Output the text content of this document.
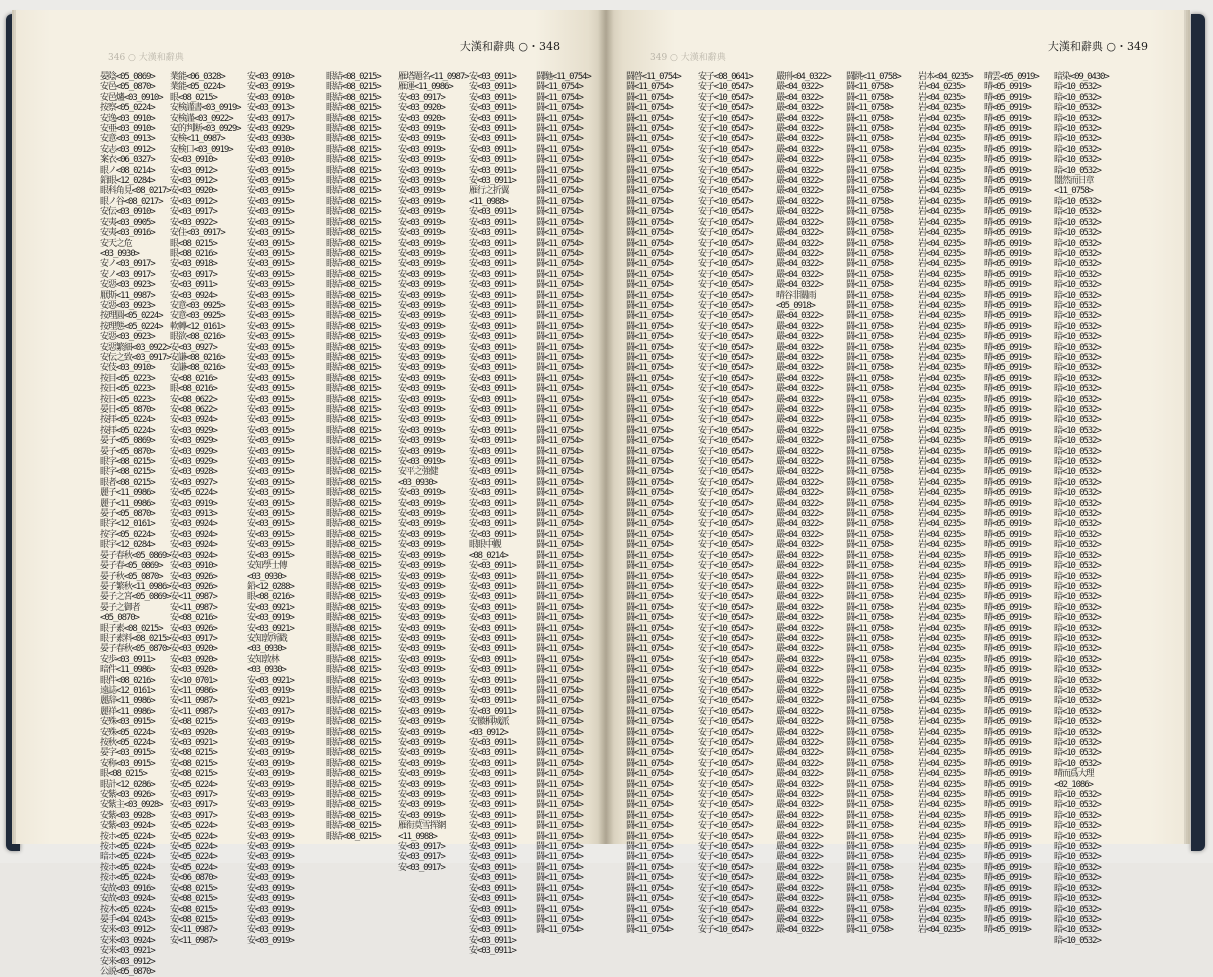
346 ○ 大漢和辭典
大漢和辭典 ○・348
晏陰<05_0869>
安邑<05_0870>
安邑爐<03_0910>
按察<05_0224>
安逸<03_0910>
安亜<03_0910>
安意<03_0913>
安志<03_0912>
案衣<06_0327>
眼ノ<08_0214>
鉛眼<12_0284>
眼科角見<08_0217>
眼ノ谷<08_0217>
安伝<03_0910>
安夷<03_0905>
安夷<03_0916>
安天之危
<03_0930>
安ノ<03_0917>
安ノ<03_0917>
安惡<03_0923>
厭斯<11_0987>
安惡<03_0923>
按理圓<05_0224>
按理態<05_0224>
安惡<03_0923>
安惡繁細<03_0922>
安伝之致<03_0917>
安伎<03_0910>
按目<05_0223>
按日<05_0223>
按日<05_0223>
晏日<05_0870>
按拝<05_0224>
按拝<05_0224>
晏子<05_0869>
晏子<05_0870>
眼字<08_0215>
眼字<08_0215>
眼者<08_0215>
麗子<11_0986>
麗子<11_0986>
晏子<05_0870>
眼字<12_0161>
按字<05_0224>
眼宇<12_0284>
晏子春秋<05_0869>
晏子春<05_0869>
晏子秋<05_0870>
晏子繁秋<11_0986>
晏子之宮<05_0869>
晏子之御者
<05_0870>
眼子素<08_0215>
眼子素料<08_0215>
晏子春秋<05_0870>
安歩<03_0911>
暗件<11_0986>
眼件<08_0216>
遠誌<12_0161>
麗辞<11_0986>
麗祥<11_0986>
安殊<03_0915>
安殊<05_0224>
按秋<05_0224>
晏字<03_0915>
安称<03_0915>
眼<08_0215>
眼計<12_0286>
安紫<03_0926>
安紫主<03_0928>
安紫<03_0928>
安紫<03_0924>
按ホ<05_0224>
按ホ<05_0224>
暗ホ<05_0224>
按ホ<05_0224>
按ホ<05_0224>
安故<03_0916>
安故<03_0924>
按木<05_0224>
晏手<04_0243>
安来<03_0912>
安来<03_0924>
安来<03_0921>
安来<03_0912>
公説<05_0870>
業能<06_0328>
業能<05_0224>
眼<08_0215>
安検謹書<03_0919>
安検謹<03_0922>
安的判断<03_0929>
安検<11_0987>
安検口<03_0919>
安<03_0910>
安<03_0912>
安<03_0912>
安<03_0920>
安<03_0912>
安<03_0917>
安<03_0922>
安住<03_0917>
眼<08_0215>
眼<08_0216>
安<03_0918>
安<03_0917>
安<03_0911>
安<03_0924>
安意<03_0925>
安意<03_0925>
軟轉<12_0161>
眼欲<08_0216>
安<03_0927>
安謙<08_0216>
安謙<08_0216>
安<08_0216>
眼<08_0216>
安<08_0622>
安<08_0622>
安<03_0924>
安<03_0929>
安<03_0929>
安<03_0929>
安<03_0929>
安<03_0928>
安<03_0927>
安<05_0224>
安<03_0919>
安<03_0913>
安<03_0924>
安<03_0924>
安<03_0924>
安<03_0924>
安<03_0910>
安<03_0926>
安<03_0926>
安<11_0987>
安<11_0987>
安<08_0216>
安<03_0926>
安<03_0917>
安<03_0920>
安<03_0920>
安<03_0920>
安<10_0701>
安<11_0986>
安<11_0987>
安<11_0987>
安<08_0215>
安<03_0920>
安<03_0921>
安<08_0215>
安<08_0215>
安<08_0215>
安<05_0224>
安<03_0917>
安<03_0917>
安<03_0917>
安<05_0224>
安<05_0224>
安<05_0224>
安<05_0224>
安<05_0224>
安<06_0870>
安<08_0215>
安<08_0215>
安<08_0215>
安<08_0215>
安<11_0987>
安<11_0987>
安<03_0910>
安<03_0919>
安<03_0910>
安<03_0913>
安<03_0917>
安<03_0929>
安<03_0930>
安<03_0910>
安<03_0910>
安<03_0915>
安<03_0915>
安<03_0915>
安<03_0915>
安<03_0915>
安<03_0915>
安<03_0915>
安<03_0915>
安<03_0915>
安<03_0915>
安<03_0915>
安<03_0915>
安<03_0915>
安<03_0915>
安<03_0915>
安<03_0915>
安<03_0915>
安<03_0915>
安<03_0915>
安<03_0915>
安<03_0915>
安<03_0915>
安<03_0915>
安<03_0915>
安<03_0915>
安<03_0915>
安<03_0915>
安<03_0915>
安<03_0915>
安<03_0915>
安<03_0915>
安<03_0915>
安<03_0915>
安<03_0915>
安<03_0915>
安<03_0915>
安<03_0915>
安<03_0915>
安知學士傳
<03_0930>
鉛<12_0288>
眼<08_0216>
安<03_0921>
安<03_0919>
安<03_0921>
安知敦所戳
<03_0930>
安知敦林
<03_0930>
安<03_0921>
安<03_0919>
安<03_0921>
安<03_0917>
安<03_0919>
安<03_0919>
安<03_0919>
安<03_0919>
安<03_0919>
安<03_0919>
安<03_0919>
安<03_0919>
安<03_0919>
安<03_0919>
安<03_0919>
安<03_0919>
安<03_0919>
安<03_0919>
安<03_0919>
安<03_0919>
安<03_0919>
安<03_0919>
安<03_0919>
安<03_0919>
安<03_0919>
安<03_0919>
眼結<08_0215>
眼結<08_0215>
眼結<08_0215>
眼結<08_0215>
眼結<08_0215>
眼結<08_0215>
眼結<08_0215>
眼結<08_0215>
眼結<08_0215>
眼結<08_0215>
眼結<08_0215>
眼結<08_0215>
眼結<08_0215>
眼結<08_0215>
眼結<08_0215>
眼結<08_0215>
眼結<08_0215>
眼結<08_0215>
眼結<08_0215>
眼結<08_0215>
眼結<08_0215>
眼結<08_0215>
眼結<08_0215>
眼結<08_0215>
眼結<08_0215>
眼結<08_0215>
眼結<08_0215>
眼結<08_0215>
眼結<08_0215>
眼結<08_0215>
眼結<08_0215>
眼結<08_0215>
眼結<08_0215>
眼結<08_0215>
眼結<08_0215>
眼結<08_0215>
眼結<08_0215>
眼結<08_0215>
眼結<08_0215>
眼結<08_0215>
眼結<08_0215>
眼結<08_0215>
眼結<08_0215>
眼結<08_0215>
眼結<08_0215>
眼結<08_0215>
眼結<08_0215>
眼結<08_0215>
眼結<08_0215>
眼結<08_0215>
眼結<08_0215>
眼結<08_0215>
眼結<08_0215>
眼結<08_0215>
眼結<08_0215>
眼結<08_0215>
眼結<08_0215>
眼結<08_0215>
眼結<08_0215>
眼結<08_0215>
眼結<08_0215>
眼結<08_0215>
眼結<08_0215>
眼結<08_0215>
眼結<08_0215>
眼結<08_0215>
眼結<08_0215>
眼結<08_0215>
眼結<08_0215>
眼結<08_0215>
眼結<08_0215>
眼結<08_0215>
眼結<08_0215>
眼結<08_0215>
雁塔題名<11_0987>
雁運<11_0986>
安<03_0917>
安<03_0920>
安<03_0920>
安<03_0919>
安<03_0919>
安<03_0919>
安<03_0919>
安<03_0919>
安<03_0919>
安<03_0919>
安<03_0919>
安<03_0919>
安<03_0919>
安<03_0919>
安<03_0919>
安<03_0919>
安<03_0919>
安<03_0919>
安<03_0919>
安<03_0919>
安<03_0919>
安<03_0919>
安<03_0919>
安<03_0919>
安<03_0919>
安<03_0919>
安<03_0919>
安<03_0919>
安<03_0919>
安<03_0919>
安<03_0919>
安<03_0919>
安<03_0919>
安<03_0919>
安<03_0919>
安<03_0919>
安平之強健
<03_0930>
安<03_0919>
安<03_0919>
安<03_0919>
安<03_0919>
安<03_0919>
安<03_0919>
安<03_0919>
安<03_0919>
安<03_0919>
安<03_0919>
安<03_0919>
安<03_0919>
安<03_0919>
安<03_0919>
安<03_0919>
安<03_0919>
安<03_0919>
安<03_0919>
安<03_0919>
安<03_0919>
安<03_0919>
安<03_0919>
安<03_0919>
安<03_0919>
安<03_0919>
安<03_0919>
安<03_0919>
安<03_0919>
安<03_0919>
安<03_0919>
安<03_0919>
安<03_0919>
雁衔莫雪挥網
<11_0988>
安<03_0917>
安<03_0917>
安<03_0917>
安<03_0911>
安<03_0911>
安<03_0911>
安<03_0911>
安<03_0911>
安<03_0911>
安<03_0911>
安<03_0911>
安<03_0911>
安<03_0911>
安<03_0911>
雁行之折翼
<11_0988>
安<03_0911>
安<03_0911>
安<03_0911>
安<03_0911>
安<03_0911>
安<03_0911>
安<03_0911>
安<03_0911>
安<03_0911>
安<03_0911>
安<03_0911>
安<03_0911>
安<03_0911>
安<03_0911>
安<03_0911>
安<03_0911>
安<03_0911>
安<03_0911>
安<03_0911>
安<03_0911>
安<03_0911>
安<03_0911>
安<03_0911>
安<03_0911>
安<03_0911>
安<03_0911>
安<03_0911>
安<03_0911>
安<03_0911>
安<03_0911>
安<03_0911>
安<03_0911>
眼眼中觀
<08_0214>
安<03_0911>
安<03_0911>
安<03_0911>
安<03_0911>
安<03_0911>
安<03_0911>
安<03_0911>
安<03_0911>
安<03_0911>
安<03_0911>
安<03_0911>
安<03_0911>
安<03_0911>
安<03_0911>
安<03_0911>
安徽桐城派
<03_0912>
安<03_0911>
安<03_0911>
安<03_0911>
安<03_0911>
安<03_0911>
安<03_0911>
安<03_0911>
安<03_0911>
安<03_0911>
安<03_0911>
安<03_0911>
安<03_0911>
安<03_0911>
安<03_0911>
安<03_0911>
安<03_0911>
安<03_0911>
安<03_0911>
安<03_0911>
安<03_0911>
安<03_0911>
闘馳<11_0754>
闘<11_0754>
闘<11_0754>
闘<11_0754>
闘<11_0754>
闘<11_0754>
闘<11_0754>
闘<11_0754>
闘<11_0754>
闘<11_0754>
闘<11_0754>
闘<11_0754>
闘<11_0754>
闘<11_0754>
闘<11_0754>
闘<11_0754>
闘<11_0754>
闘<11_0754>
闘<11_0754>
闘<11_0754>
闘<11_0754>
闘<11_0754>
闘<11_0754>
闘<11_0754>
闘<11_0754>
闘<11_0754>
闘<11_0754>
闘<11_0754>
闘<11_0754>
闘<11_0754>
闘<11_0754>
闘<11_0754>
闘<11_0754>
闘<11_0754>
闘<11_0754>
闘<11_0754>
闘<11_0754>
闘<11_0754>
闘<11_0754>
闘<11_0754>
闘<11_0754>
闘<11_0754>
闘<11_0754>
闘<11_0754>
闘<11_0754>
闘<11_0754>
闘<11_0754>
闘<11_0754>
闘<11_0754>
闘<11_0754>
闘<11_0754>
闘<11_0754>
闘<11_0754>
闘<11_0754>
闘<11_0754>
闘<11_0754>
闘<11_0754>
闘<11_0754>
闘<11_0754>
闘<11_0754>
闘<11_0754>
闘<11_0754>
闘<11_0754>
闘<11_0754>
闘<11_0754>
闘<11_0754>
闘<11_0754>
闘<11_0754>
闘<11_0754>
闘<11_0754>
闘<11_0754>
闘<11_0754>
闘<11_0754>
闘<11_0754>
闘<11_0754>
闘<11_0754>
闘<11_0754>
闘<11_0754>
闘<11_0754>
闘<11_0754>
闘<11_0754>
闘<11_0754>
闘<11_0754>
349 ○ 大漢和辭典
大漢和辭典 ○・349
闘啓<11_0754>
闘<11_0754>
闘<11_0754>
闘<11_0754>
闘<11_0754>
闘<11_0754>
闘<11_0754>
闘<11_0754>
闘<11_0754>
闘<11_0754>
闘<11_0754>
闘<11_0754>
闘<11_0754>
闘<11_0754>
闘<11_0754>
闘<11_0754>
闘<11_0754>
闘<11_0754>
闘<11_0754>
闘<11_0754>
闘<11_0754>
闘<11_0754>
闘<11_0754>
闘<11_0754>
闘<11_0754>
闘<11_0754>
闘<11_0754>
闘<11_0754>
闘<11_0754>
闘<11_0754>
闘<11_0754>
闘<11_0754>
闘<11_0754>
闘<11_0754>
闘<11_0754>
闘<11_0754>
闘<11_0754>
闘<11_0754>
闘<11_0754>
闘<11_0754>
闘<11_0754>
闘<11_0754>
闘<11_0754>
闘<11_0754>
闘<11_0754>
闘<11_0754>
闘<11_0754>
闘<11_0754>
闘<11_0754>
闘<11_0754>
闘<11_0754>
闘<11_0754>
闘<11_0754>
闘<11_0754>
闘<11_0754>
闘<11_0754>
闘<11_0754>
闘<11_0754>
闘<11_0754>
闘<11_0754>
闘<11_0754>
闘<11_0754>
闘<11_0754>
闘<11_0754>
闘<11_0754>
闘<11_0754>
闘<11_0754>
闘<11_0754>
闘<11_0754>
闘<11_0754>
闘<11_0754>
闘<11_0754>
闘<11_0754>
闘<11_0754>
闘<11_0754>
闘<11_0754>
闘<11_0754>
闘<11_0754>
闘<11_0754>
闘<11_0754>
闘<11_0754>
闘<11_0754>
闘<11_0754>
安子<08_0641>
安子<10_0547>
安子<10_0547>
安子<10_0547>
安子<10_0547>
安子<10_0547>
安子<10_0547>
安子<10_0547>
安子<10_0547>
安子<10_0547>
安子<10_0547>
安子<10_0547>
安子<10_0547>
安子<10_0547>
安子<10_0547>
安子<10_0547>
安子<10_0547>
安子<10_0547>
安子<10_0547>
安子<10_0547>
安子<10_0547>
安子<10_0547>
安子<10_0547>
安子<10_0547>
安子<10_0547>
安子<10_0547>
安子<10_0547>
安子<10_0547>
安子<10_0547>
安子<10_0547>
安子<10_0547>
安子<10_0547>
安子<10_0547>
安子<10_0547>
安子<10_0547>
安子<10_0547>
安子<10_0547>
安子<10_0547>
安子<10_0547>
安子<10_0547>
安子<10_0547>
安子<10_0547>
安子<10_0547>
安子<10_0547>
安子<10_0547>
安子<10_0547>
安子<10_0547>
安子<10_0547>
安子<10_0547>
安子<10_0547>
安子<10_0547>
安子<10_0547>
安子<10_0547>
安子<10_0547>
安子<10_0547>
安子<10_0547>
安子<10_0547>
安子<10_0547>
安子<10_0547>
安子<10_0547>
安子<10_0547>
安子<10_0547>
安子<10_0547>
安子<10_0547>
安子<10_0547>
安子<10_0547>
安子<10_0547>
安子<10_0547>
安子<10_0547>
安子<10_0547>
安子<10_0547>
安子<10_0547>
安子<10_0547>
安子<10_0547>
安子<10_0547>
安子<10_0547>
安子<10_0547>
安子<10_0547>
安子<10_0547>
安子<10_0547>
安子<10_0547>
安子<10_0547>
安子<10_0547>
嚴刑<04_0322>
嚴<04_0322>
嚴<04_0322>
嚴<04_0322>
嚴<04_0322>
嚴<04_0322>
嚴<04_0322>
嚴<04_0322>
嚴<04_0322>
嚴<04_0322>
嚴<04_0322>
嚴<04_0322>
嚴<04_0322>
嚴<04_0322>
嚴<04_0322>
嚴<04_0322>
嚴<04_0322>
嚴<04_0322>
嚴<04_0322>
嚴<04_0322>
嚴<04_0322>
晴谷非關雨
<05_0918>
嚴<04_0322>
嚴<04_0322>
嚴<04_0322>
嚴<04_0322>
嚴<04_0322>
嚴<04_0322>
嚴<04_0322>
嚴<04_0322>
嚴<04_0322>
嚴<04_0322>
嚴<04_0322>
嚴<04_0322>
嚴<04_0322>
嚴<04_0322>
嚴<04_0322>
嚴<04_0322>
嚴<04_0322>
嚴<04_0322>
嚴<04_0322>
嚴<04_0322>
嚴<04_0322>
嚴<04_0322>
嚴<04_0322>
嚴<04_0322>
嚴<04_0322>
嚴<04_0322>
嚴<04_0322>
嚴<04_0322>
嚴<04_0322>
嚴<04_0322>
嚴<04_0322>
嚴<04_0322>
嚴<04_0322>
嚴<04_0322>
嚴<04_0322>
嚴<04_0322>
嚴<04_0322>
嚴<04_0322>
嚴<04_0322>
嚴<04_0322>
嚴<04_0322>
嚴<04_0322>
嚴<04_0322>
嚴<04_0322>
嚴<04_0322>
嚴<04_0322>
嚴<04_0322>
嚴<04_0322>
嚴<04_0322>
嚴<04_0322>
嚴<04_0322>
嚴<04_0322>
嚴<04_0322>
嚴<04_0322>
嚴<04_0322>
嚴<04_0322>
嚴<04_0322>
嚴<04_0322>
嚴<04_0322>
嚴<04_0322>
闘跳<11_0758>
闘<11_0758>
闘<11_0758>
闘<11_0758>
闘<11_0758>
闘<11_0758>
闘<11_0758>
闘<11_0758>
闘<11_0758>
闘<11_0758>
闘<11_0758>
闘<11_0758>
闘<11_0758>
闘<11_0758>
闘<11_0758>
闘<11_0758>
闘<11_0758>
闘<11_0758>
闘<11_0758>
闘<11_0758>
闘<11_0758>
闘<11_0758>
闘<11_0758>
闘<11_0758>
闘<11_0758>
闘<11_0758>
闘<11_0758>
闘<11_0758>
闘<11_0758>
闘<11_0758>
闘<11_0758>
闘<11_0758>
闘<11_0758>
闘<11_0758>
闘<11_0758>
闘<11_0758>
闘<11_0758>
闘<11_0758>
闘<11_0758>
闘<11_0758>
闘<11_0758>
闘<11_0758>
闘<11_0758>
闘<11_0758>
闘<11_0758>
闘<11_0758>
闘<11_0758>
闘<11_0758>
闘<11_0758>
闘<11_0758>
闘<11_0758>
闘<11_0758>
闘<11_0758>
闘<11_0758>
闘<11_0758>
闘<11_0758>
闘<11_0758>
闘<11_0758>
闘<11_0758>
闘<11_0758>
闘<11_0758>
闘<11_0758>
闘<11_0758>
闘<11_0758>
闘<11_0758>
闘<11_0758>
闘<11_0758>
闘<11_0758>
闘<11_0758>
闘<11_0758>
闘<11_0758>
闘<11_0758>
闘<11_0758>
闘<11_0758>
闘<11_0758>
闘<11_0758>
闘<11_0758>
闘<11_0758>
闘<11_0758>
闘<11_0758>
闘<11_0758>
闘<11_0758>
闘<11_0758>
岩本<04_0235>
岩<04_0235>
岩<04_0235>
岩<04_0235>
岩<04_0235>
岩<04_0235>
岩<04_0235>
岩<04_0235>
岩<04_0235>
岩<04_0235>
岩<04_0235>
岩<04_0235>
岩<04_0235>
岩<04_0235>
岩<04_0235>
岩<04_0235>
岩<04_0235>
岩<04_0235>
岩<04_0235>
岩<04_0235>
岩<04_0235>
岩<04_0235>
岩<04_0235>
岩<04_0235>
岩<04_0235>
岩<04_0235>
岩<04_0235>
岩<04_0235>
岩<04_0235>
岩<04_0235>
岩<04_0235>
岩<04_0235>
岩<04_0235>
岩<04_0235>
岩<04_0235>
岩<04_0235>
岩<04_0235>
岩<04_0235>
岩<04_0235>
岩<04_0235>
岩<04_0235>
岩<04_0235>
岩<04_0235>
岩<04_0235>
岩<04_0235>
岩<04_0235>
岩<04_0235>
岩<04_0235>
岩<04_0235>
岩<04_0235>
岩<04_0235>
岩<04_0235>
岩<04_0235>
岩<04_0235>
岩<04_0235>
岩<04_0235>
岩<04_0235>
岩<04_0235>
岩<04_0235>
岩<04_0235>
岩<04_0235>
岩<04_0235>
岩<04_0235>
岩<04_0235>
岩<04_0235>
岩<04_0235>
岩<04_0235>
岩<04_0235>
岩<04_0235>
岩<04_0235>
岩<04_0235>
岩<04_0235>
岩<04_0235>
岩<04_0235>
岩<04_0235>
岩<04_0235>
岩<04_0235>
岩<04_0235>
岩<04_0235>
岩<04_0235>
岩<04_0235>
岩<04_0235>
岩<04_0235>
晴雲<05_0919>
晴<05_0919>
晴<05_0919>
晴<05_0919>
晴<05_0919>
晴<05_0919>
晴<05_0919>
晴<05_0919>
晴<05_0919>
晴<05_0919>
晴<05_0919>
晴<05_0919>
晴<05_0919>
晴<05_0919>
晴<05_0919>
晴<05_0919>
晴<05_0919>
晴<05_0919>
晴<05_0919>
晴<05_0919>
晴<05_0919>
晴<05_0919>
晴<05_0919>
晴<05_0919>
晴<05_0919>
晴<05_0919>
晴<05_0919>
晴<05_0919>
晴<05_0919>
晴<05_0919>
晴<05_0919>
晴<05_0919>
晴<05_0919>
晴<05_0919>
晴<05_0919>
晴<05_0919>
晴<05_0919>
晴<05_0919>
晴<05_0919>
晴<05_0919>
晴<05_0919>
晴<05_0919>
晴<05_0919>
晴<05_0919>
晴<05_0919>
晴<05_0919>
晴<05_0919>
晴<05_0919>
晴<05_0919>
晴<05_0919>
晴<05_0919>
晴<05_0919>
晴<05_0919>
晴<05_0919>
晴<05_0919>
晴<05_0919>
晴<05_0919>
晴<05_0919>
晴<05_0919>
晴<05_0919>
晴<05_0919>
晴<05_0919>
晴<05_0919>
晴<05_0919>
晴<05_0919>
晴<05_0919>
晴<05_0919>
晴<05_0919>
晴<05_0919>
晴<05_0919>
晴<05_0919>
晴<05_0919>
晴<05_0919>
晴<05_0919>
晴<05_0919>
晴<05_0919>
晴<05_0919>
晴<05_0919>
晴<05_0919>
晴<05_0919>
晴<05_0919>
晴<05_0919>
晴<05_0919>
暗染<09_0430>
暗<10_0532>
暗<10_0532>
暗<10_0532>
暗<10_0532>
暗<10_0532>
暗<10_0532>
暗<10_0532>
暗<10_0532>
暗<10_0532>
闇然而日章
<11_0758>
暗<10_0532>
暗<10_0532>
暗<10_0532>
暗<10_0532>
暗<10_0532>
暗<10_0532>
暗<10_0532>
暗<10_0532>
暗<10_0532>
暗<10_0532>
暗<10_0532>
暗<10_0532>
暗<10_0532>
暗<10_0532>
暗<10_0532>
暗<10_0532>
暗<10_0532>
暗<10_0532>
暗<10_0532>
暗<10_0532>
暗<10_0532>
暗<10_0532>
暗<10_0532>
暗<10_0532>
暗<10_0532>
暗<10_0532>
暗<10_0532>
暗<10_0532>
暗<10_0532>
暗<10_0532>
暗<10_0532>
暗<10_0532>
暗<10_0532>
暗<10_0532>
暗<10_0532>
暗<10_0532>
暗<10_0532>
暗<10_0532>
暗<10_0532>
暗<10_0532>
暗<10_0532>
暗<10_0532>
暗<10_0532>
暗<10_0532>
暗<10_0532>
暗<10_0532>
暗<10_0532>
暗<10_0532>
暗<10_0532>
暗<10_0532>
暗<10_0532>
暗<10_0532>
暗<10_0532>
暗<10_0532>
暗<10_0532>
晴而爲大理
<02_1086>
暗<10_0532>
暗<10_0532>
暗<10_0532>
暗<10_0532>
暗<10_0532>
暗<10_0532>
暗<10_0532>
暗<10_0532>
暗<10_0532>
暗<10_0532>
暗<10_0532>
暗<10_0532>
暗<10_0532>
暗<10_0532>
暗<10_0532>
